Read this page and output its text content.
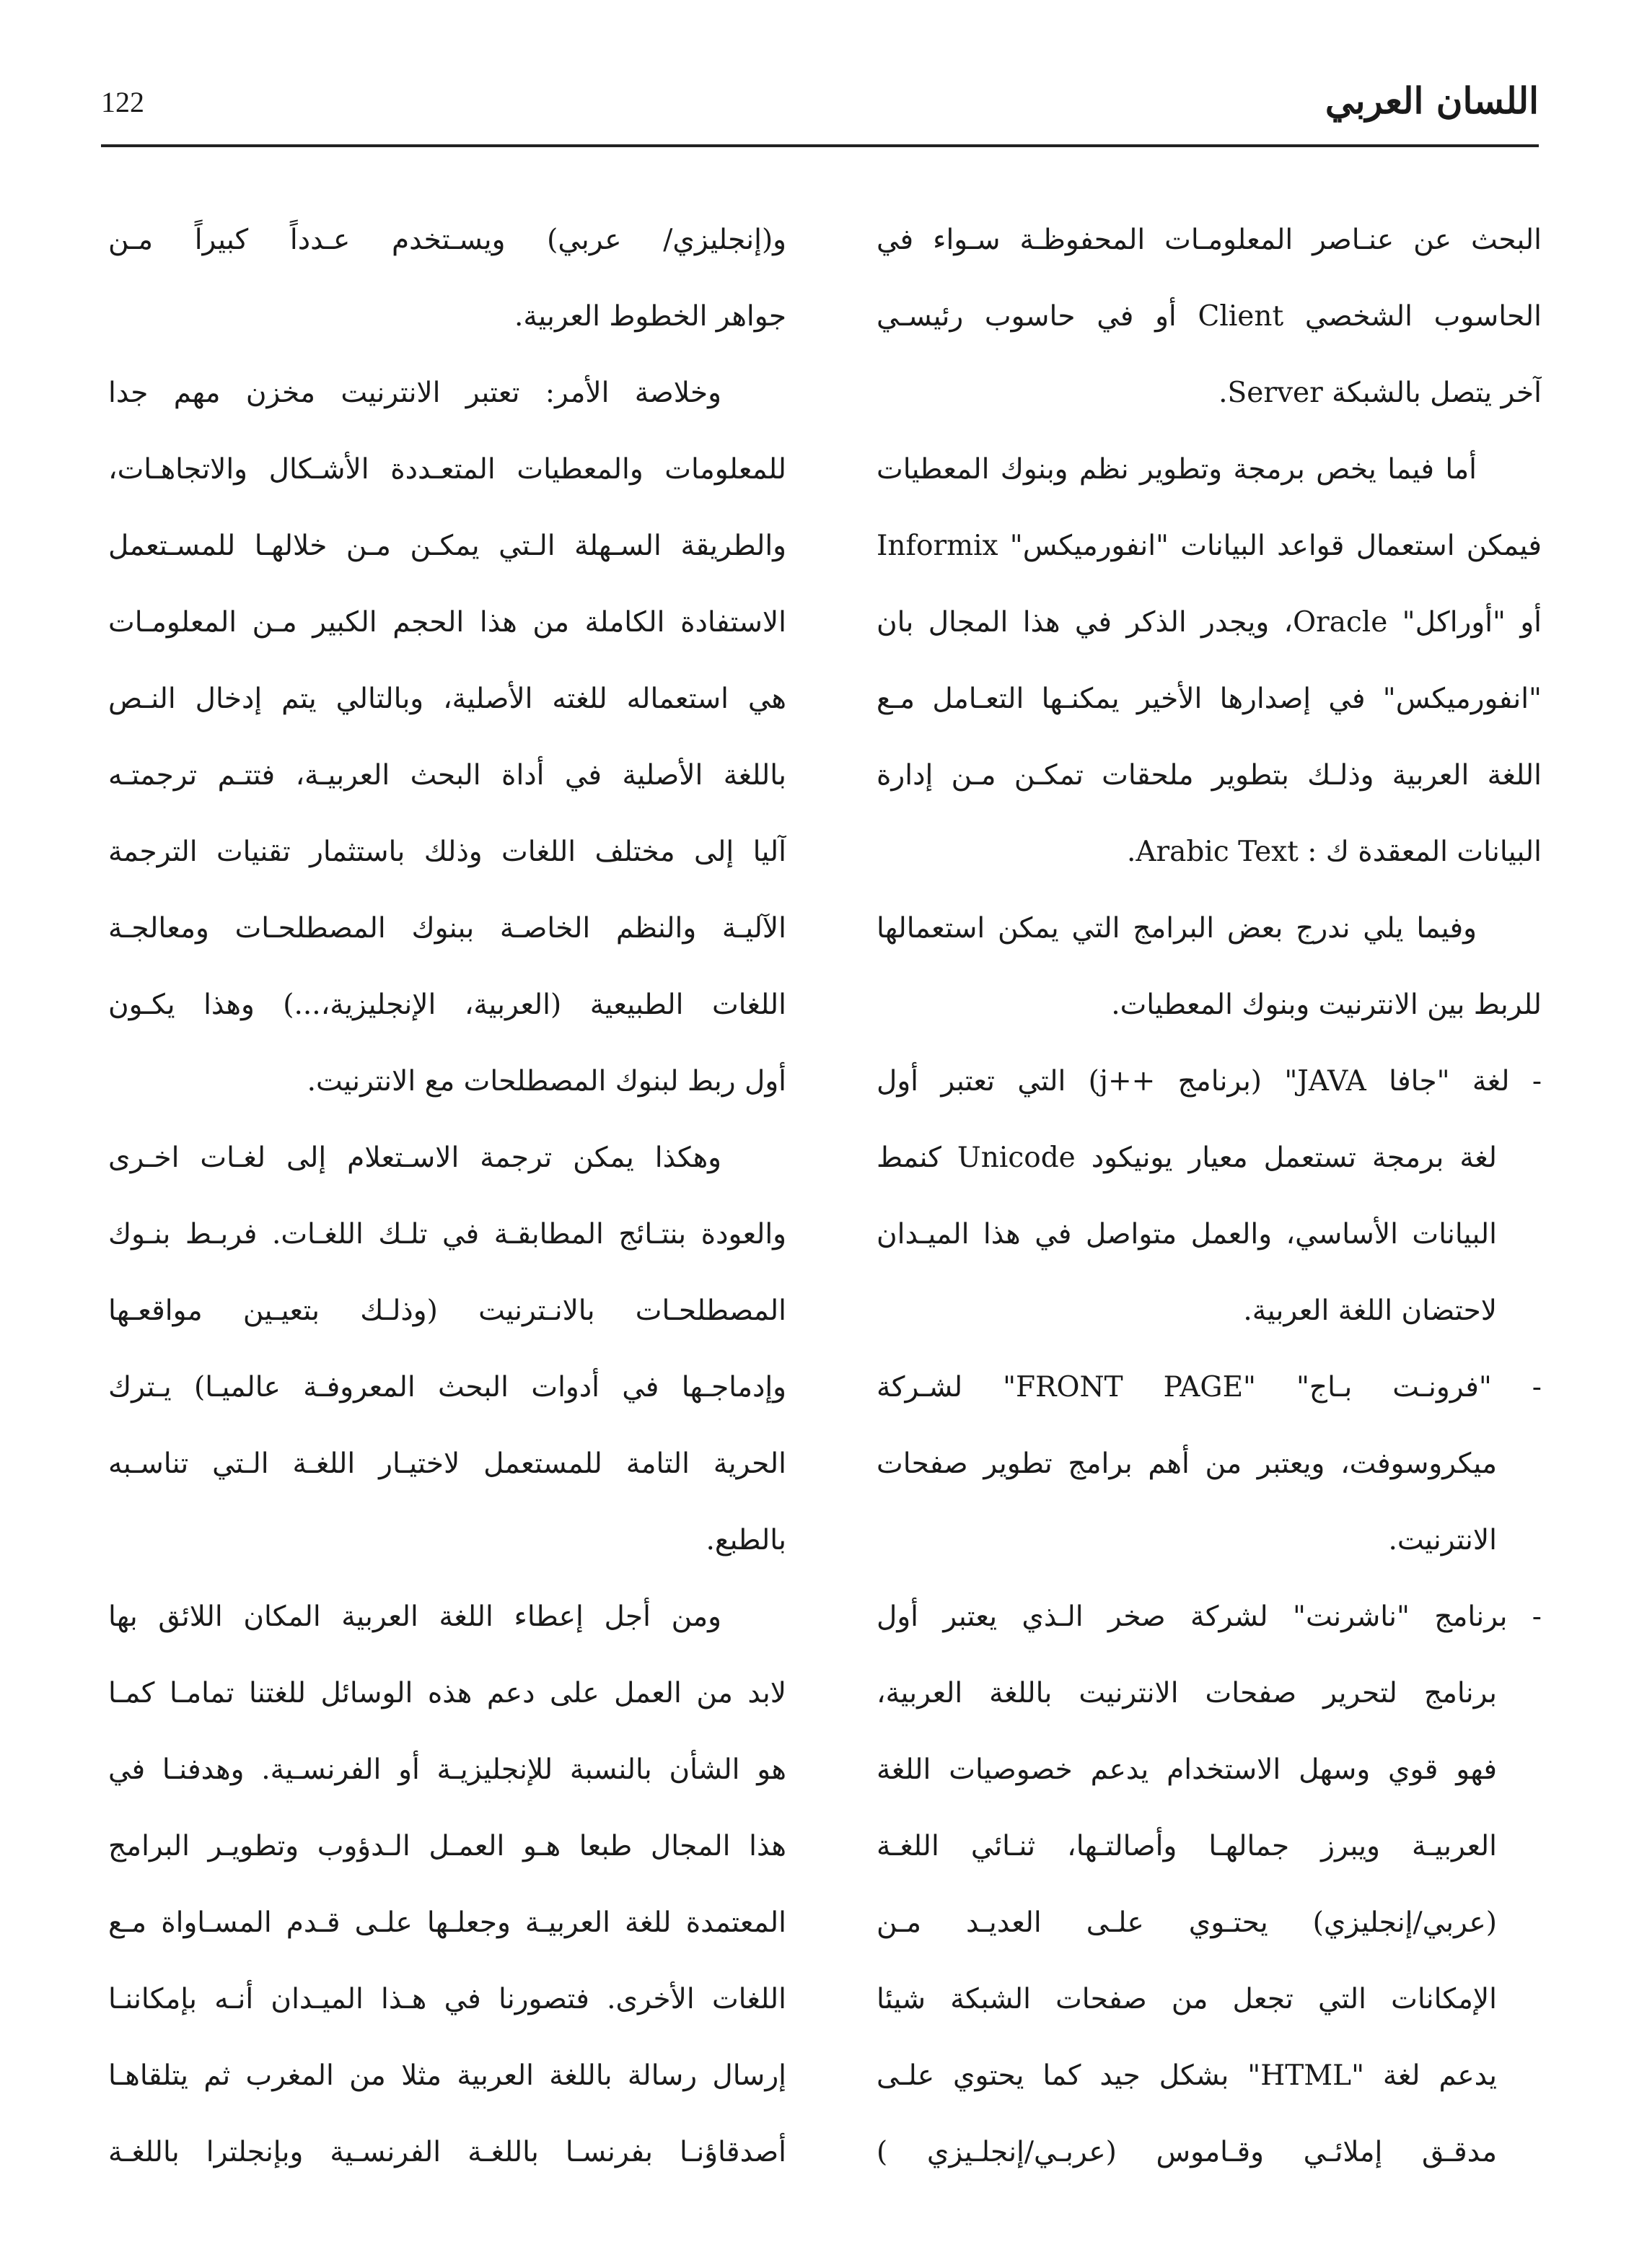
122	اللسان العربي
البحث عن عنـاصر المعلومـات المحفوظـة سـواء في
الحاسوب الشخصي Client أو في حاسوب رئيسـي
آخر يتصل بالشبكة Server.
أما فيما يخص برمجة وتطوير نظم وبنوك المعطيات
فيمكن استعمال قواعد البيانات "انفورميكس" Informix
أو "أوراكل" Oracle، ويجدر الذكر في هذا المجال بان
"انفورميكس" في إصدارها الأخير يمكنـها التعـامل مـع
اللغة العربية وذلـك بتطوير ملحقات تمكـن مـن إدارة
البيانات المعقدة ك : Arabic Text.
وفيما يلي ندرج بعض البرامج التي يمكن استعمالها
للربط بين الانترنيت وبنوك المعطيات.
- لغة "جافا JAVA" (برنامج ++j) التي تعتبر أول
لغة برمجة تستعمل معيار يونيكود Unicode كنمط
البيانات الأساسي، والعمل متواصل في هذا الميـدان
لاحتضان اللغة العربية.
- "فرونـت بـاج" "FRONT PAGE" لشـركة
ميكروسوفت، ويعتبر من أهم برامج تطوير صفحات
الانترنيت.
- برنامج "ناشرنت" لشركة صخر الـذي يعتبر أول
برنامج لتحرير صفحات الانترنيت باللغة العربية،
فهو قوي وسهل الاستخدام يدعم خصوصيات اللغة
العربيـة ويبرز جمالهـا وأصالتـها، ثنـائي اللغـة
(عربي/إنجليزي) يحتـوي علـى العديـد مـن
الإمكانات التي تجعل من صفحات الشبكة شيئا
يدعم لغة "HTML" بشكل جيد كما يحتوي علـى
مدقـق إملائـي وقـاموس (عربـي/إنجلـيزي )
و(إنجليزي/ عربي) ويسـتخدم عـدداً كبيراً مـن
جواهر الخطوط العربية.
وخلاصة الأمر: تعتبر الانترنيت مخزن مهم جدا
للمعلومات والمعطيات المتعـددة الأشـكال والاتجاهـات،
والطريقة السـهلة الـتي يمكـن مـن خلالهـا للمسـتعمل
الاستفادة الكاملة من هذا الحجم الكبير مـن المعلومـات
هي استعماله للغته الأصلية، وبالتالي يتم إدخال النـص
باللغة الأصلية في أداة البحث العربيـة، فتتـم ترجمتـه
آليا إلى مختلف اللغات وذلك باستثمار تقنيات الترجمة
الآليـة والنظم الخاصـة ببنوك المصطلحـات ومعالجـة
اللغات الطبيعية (العربية، الإنجليزية،...) وهذا يكـون
أول ربط لبنوك المصطلحات مع الانترنيت.
وهكذا يمكن ترجمة الاسـتعلام إلى لغـات اخـرى
والعودة بنتـائج المطابقـة في تلـك اللغـات. فربـط بنـوك
المصطلحـات بالانـترنيت (وذلـك بتعيـين مواقعـها
وإدماجـها في أدوات البحث المعروفـة عالميـا) يـترك
الحرية التامة للمستعمل لاختيـار اللغـة الـتي تناسـبه
بالطبع.
ومن أجل إعطاء اللغة العربية المكان اللائق بها
لابد من العمل على دعم هذه الوسائل للغتنا تمامـا كمـا
هو الشأن بالنسبة للإنجليزيـة أو الفرنسـية. وهدفنـا في
هذا المجال طبعا هـو العمـل الـدؤوب وتطويـر البرامج
المعتمدة للغة العربيـة وجعلـها علـى قـدم المسـاواة مـع
اللغات الأخرى. فتصورنا في هـذا الميـدان أنـه بإمكاننـا
إرسال رسالة باللغة العربية مثلا من المغرب ثم يتلقاهـا
أصدقاؤنـا بفرنسـا باللغـة الفرنسـية وبإنجلترا باللغـة
